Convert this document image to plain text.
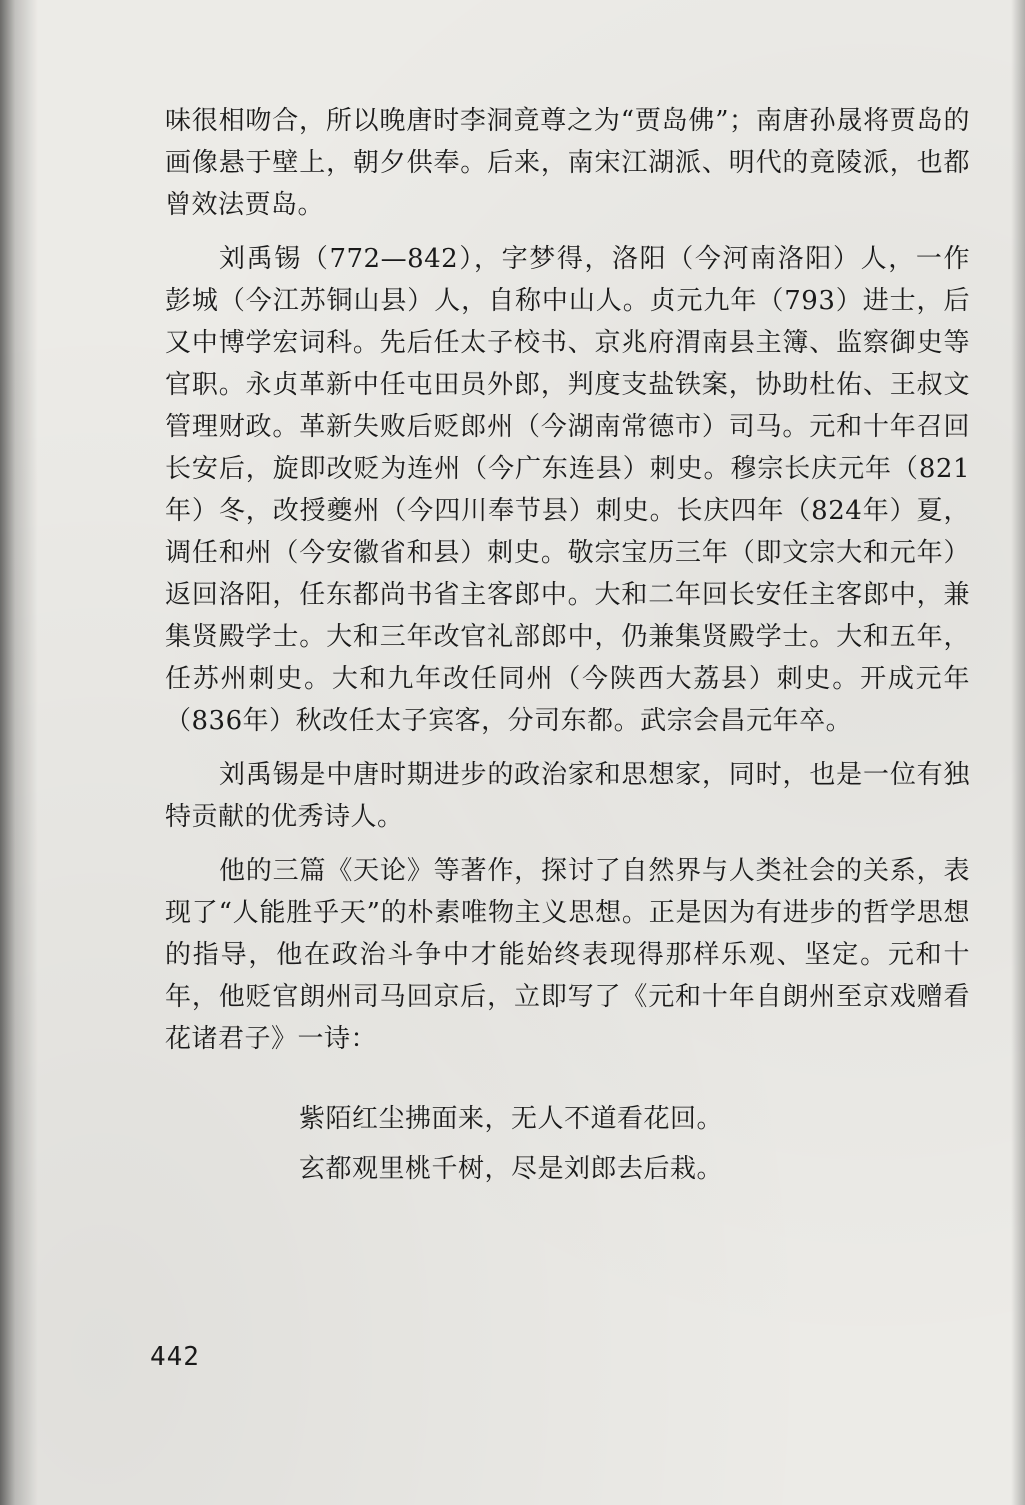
味很相吻合，所以晚唐时李洞竟尊之为“贾岛佛”；南唐孙晟将贾岛的画像悬于壁上，朝夕供奉。后来，南宋江湖派、明代的竟陵派，也都曾效法贾岛。

刘禹锡（772—842），字梦得，洛阳（今河南洛阳）人，一作彭城（今江苏铜山县）人，自称中山人。贞元九年（793）进士，后又中博学宏词科。先后任太子校书、京兆府渭南县主簿、监察御史等官职。永贞革新中任屯田员外郎，判度支盐铁案，协助杜佑、王叔文管理财政。革新失败后贬郎州（今湖南常德市）司马。元和十年召回长安后，旋即改贬为连州（今广东连县）刺史。穆宗长庆元年（821年）冬，改授夔州（今四川奉节县）刺史。长庆四年（824年）夏，调任和州（今安徽省和县）刺史。敬宗宝历三年（即文宗大和元年）返回洛阳，任东都尚书省主客郎中。大和二年回长安任主客郎中，兼集贤殿学士。大和三年改官礼部郎中，仍兼集贤殿学士。大和五年，任苏州刺史。大和九年改任同州（今陕西大荔县）刺史。开成元年（836年）秋改任太子宾客，分司东都。武宗会昌元年卒。

刘禹锡是中唐时期进步的政治家和思想家，同时，也是一位有独特贡献的优秀诗人。

他的三篇《天论》等著作，探讨了自然界与人类社会的关系，表现了“人能胜乎天”的朴素唯物主义思想。正是因为有进步的哲学思想的指导，他在政治斗争中才能始终表现得那样乐观、坚定。元和十年，他贬官朗州司马回京后，立即写了《元和十年自朗州至京戏赠看花诸君子》一诗：

紫陌红尘拂面来，无人不道看花回。
玄都观里桃千树，尽是刘郎去后栽。
442
